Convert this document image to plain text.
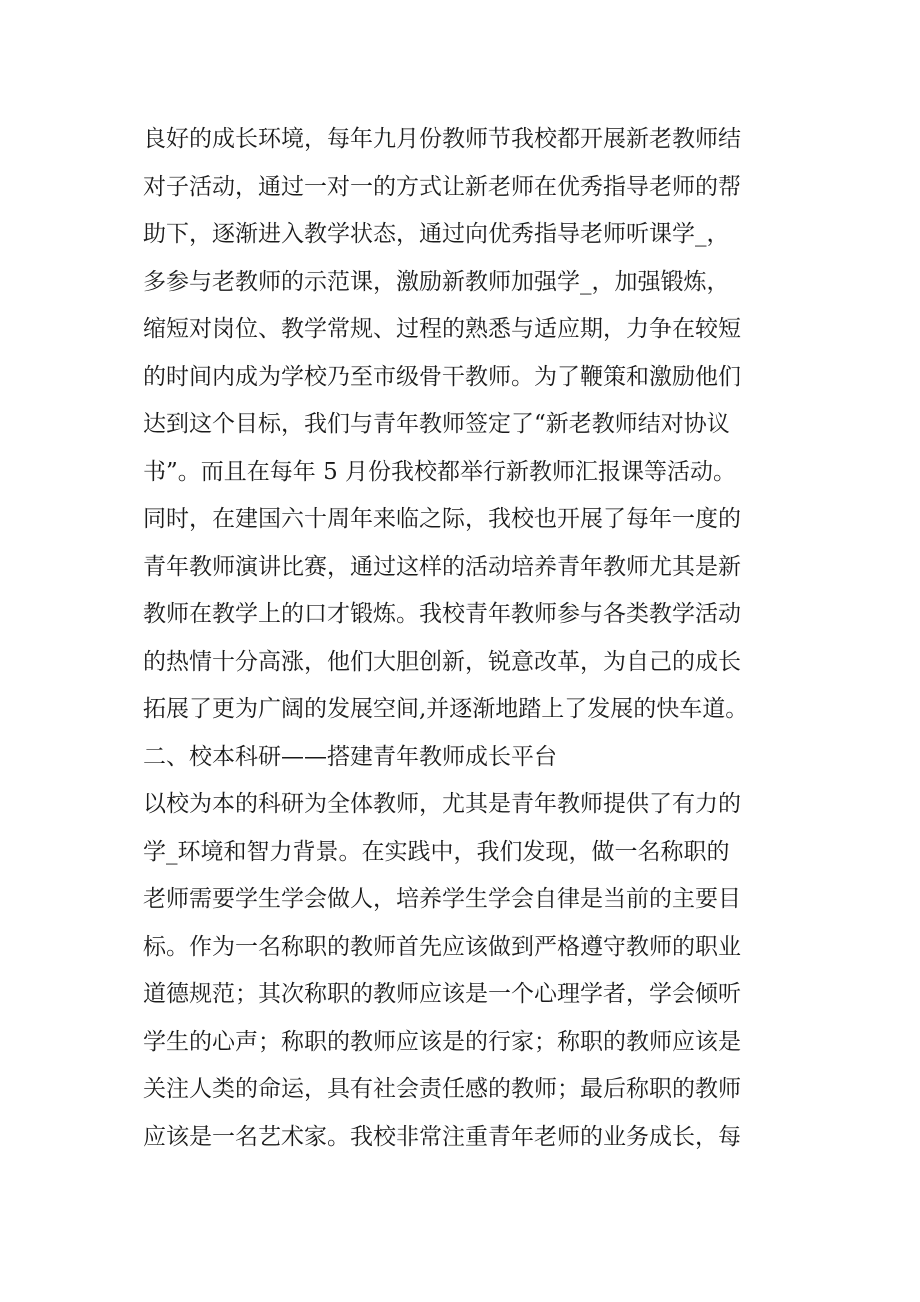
良好的成长环境，每年九月份教师节我校都开展新老教师结
对子活动，通过一对一的方式让新老师在优秀指导老师的帮
助下，逐渐进入教学状态，通过向优秀指导老师听课学_，
多参与老教师的示范课，激励新教师加强学_，加强锻炼，
缩短对岗位、教学常规、过程的熟悉与适应期，力争在较短
的时间内成为学校乃至市级骨干教师。为了鞭策和激励他们
达到这个目标，我们与青年教师签定了“新老教师结对协议
书”。而且在每年 5 月份我校都举行新教师汇报课等活动。
同时，在建国六十周年来临之际，我校也开展了每年一度的
青年教师演讲比赛，通过这样的活动培养青年教师尤其是新
教师在教学上的口才锻炼。我校青年教师参与各类教学活动
的热情十分高涨，他们大胆创新，锐意改革，为自己的成长
拓展了更为广阔的发展空间,并逐渐地踏上了发展的快车道。
二、校本科研——搭建青年教师成长平台
以校为本的科研为全体教师，尤其是青年教师提供了有力的
学_环境和智力背景。在实践中，我们发现，做一名称职的
老师需要学生学会做人，培养学生学会自律是当前的主要目
标。作为一名称职的教师首先应该做到严格遵守教师的职业
道德规范；其次称职的教师应该是一个心理学者，学会倾听
学生的心声；称职的教师应该是的行家；称职的教师应该是
关注人类的命运，具有社会责任感的教师；最后称职的教师
应该是一名艺术家。我校非常注重青年老师的业务成长，每
